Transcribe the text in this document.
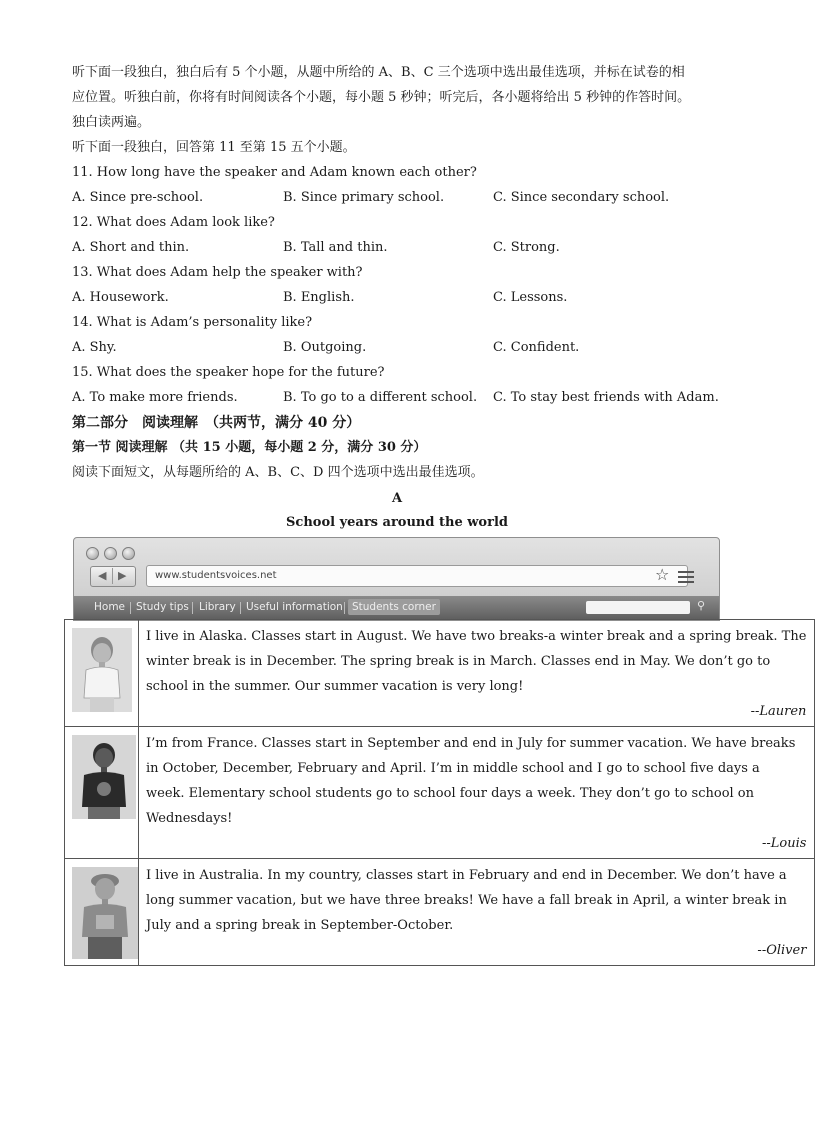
听下面一段独白，独白后有 5 个小题，从题中所给的 A、B、C 三个选项中选出最佳选项，并标在试卷的相
应位置。听独白前，你将有时间阅读各个小题，每小题 5 秒钟；听完后，各小题将给出 5 秒钟的作答时间。
独白读两遍。
听下面一段独白，回答第 11 至第 15 五个小题。
11. How long have the speaker and Adam known each other?
A. Since pre-school.	B. Since primary school.	C. Since secondary school.
12. What does Adam look like?
A. Short and thin.	B. Tall and thin.	C. Strong.
13. What does Adam help the speaker with?
A. Housework.	B. English.	C. Lessons.
14. What is Adam’s personality like?
A. Shy.	B. Outgoing.	C. Confident.
15. What does the speaker hope for the future?
A. To make more friends.	B. To go to a different school. C. To stay best friends with Adam.
第二部分　阅读理解　（共两节，满分 40 分）
第一节 阅读理解 （共 15 小题，每小题 2 分，满分 30 分）
阅读下面短文，从每题所给的 A、B、C、D 四个选项中选出最佳选项。
A
School years around the world
◀ ▶	www.studentsvoices.net	☆
Home Study tips Library Useful information Students corner	⚲

I live in Alaska. Classes start in August. We have two breaks-a winter break and a spring break. The
winter break is in December. The spring break is in March. Classes end in May. We don’t go to
school in the summer. Our summer vacation is very long!
--Lauren

I’m from France. Classes start in September and end in July for summer vacation. We have breaks
in October, December, February and April. I’m in middle school and I go to school five days a
week. Elementary school students go to school four days a week. They don’t go to school on
Wednesdays!
--Louis

I live in Australia. In my country, classes start in February and end in December. We don’t have a
long summer vacation, but we have three breaks! We have a fall break in April, a winter break in
July and a spring break in September-October.
--Oliver
